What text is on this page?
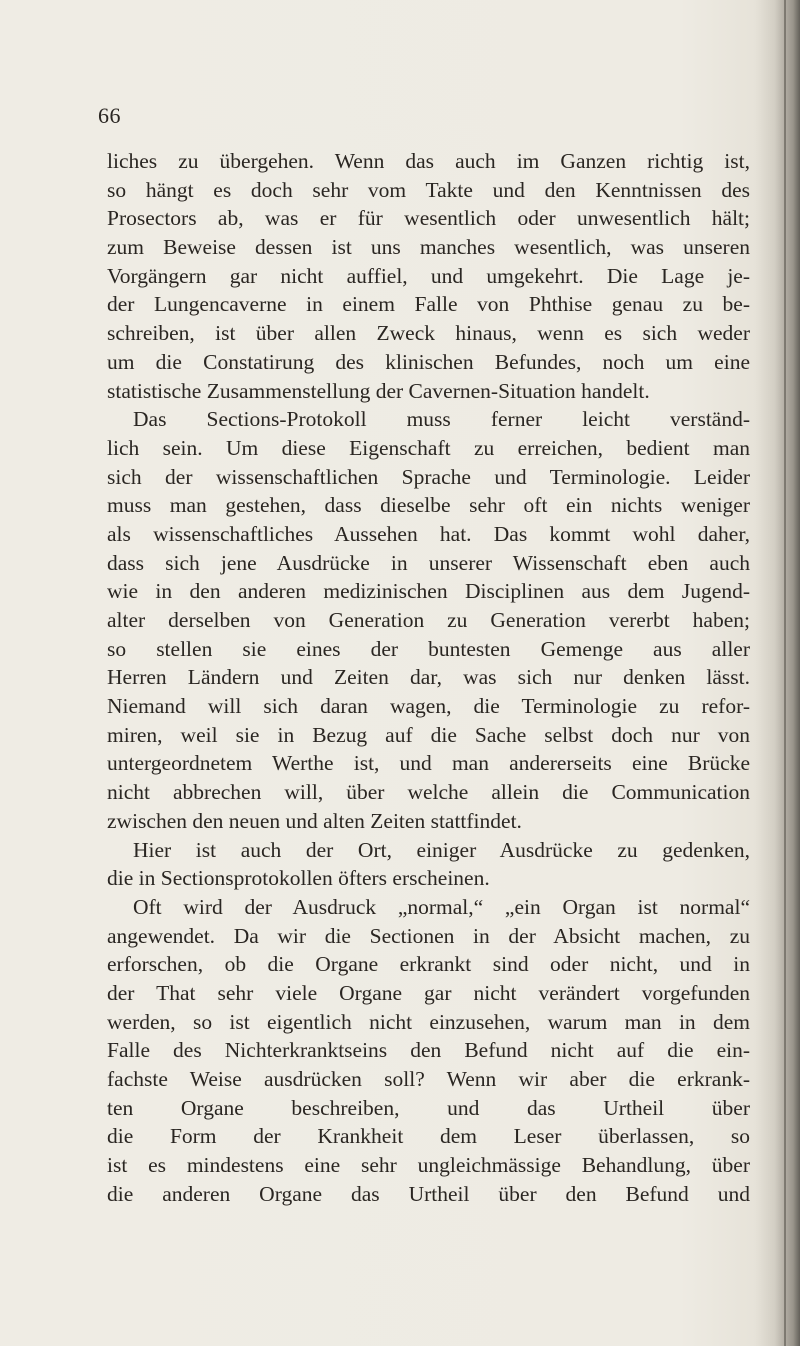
66
liches zu übergehen. Wenn das auch im Ganzen richtig ist,
so hängt es doch sehr vom Takte und den Kenntnissen des
Prosectors ab, was er für wesentlich oder unwesentlich hält;
zum Beweise dessen ist uns manches wesentlich, was unseren
Vorgängern gar nicht auffiel, und umgekehrt. Die Lage je-
der Lungencaverne in einem Falle von Phthise genau zu be-
schreiben, ist über allen Zweck hinaus, wenn es sich weder
um die Constatirung des klinischen Befundes, noch um eine
statistische Zusammenstellung der Cavernen-Situation handelt.
Das Sections-Protokoll muss ferner leicht verständ-
lich sein. Um diese Eigenschaft zu erreichen, bedient man
sich der wissenschaftlichen Sprache und Terminologie. Leider
muss man gestehen, dass dieselbe sehr oft ein nichts weniger
als wissenschaftliches Aussehen hat. Das kommt wohl daher,
dass sich jene Ausdrücke in unserer Wissenschaft eben auch
wie in den anderen medizinischen Disciplinen aus dem Jugend-
alter derselben von Generation zu Generation vererbt haben;
so stellen sie eines der buntesten Gemenge aus aller
Herren Ländern und Zeiten dar, was sich nur denken lässt.
Niemand will sich daran wagen, die Terminologie zu refor-
miren, weil sie in Bezug auf die Sache selbst doch nur von
untergeordnetem Werthe ist, und man andererseits eine Brücke
nicht abbrechen will, über welche allein die Communication
zwischen den neuen und alten Zeiten stattfindet.
Hier ist auch der Ort, einiger Ausdrücke zu gedenken,
die in Sectionsprotokollen öfters erscheinen.
Oft wird der Ausdruck „normal,“ „ein Organ ist normal“
angewendet. Da wir die Sectionen in der Absicht machen, zu
erforschen, ob die Organe erkrankt sind oder nicht, und in
der That sehr viele Organe gar nicht verändert vorgefunden
werden, so ist eigentlich nicht einzusehen, warum man in dem
Falle des Nichterkranktseins den Befund nicht auf die ein-
fachste Weise ausdrücken soll? Wenn wir aber die erkrank-
ten Organe beschreiben, und das Urtheil über
die Form der Krankheit dem Leser überlassen, so
ist es mindestens eine sehr ungleichmässige Behandlung, über
die anderen Organe das Urtheil über den Befund und
